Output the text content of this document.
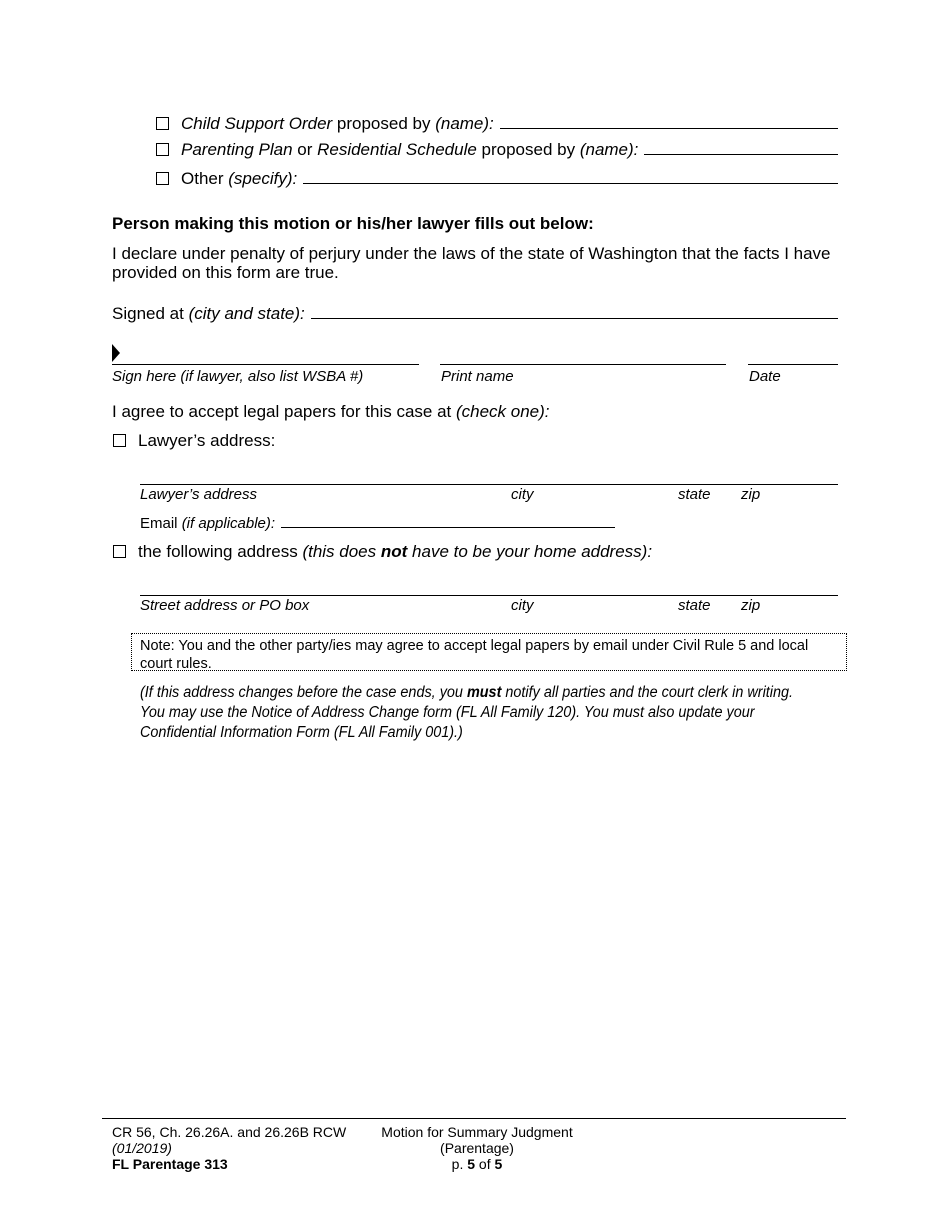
Child Support Order proposed by (name):
Parenting Plan or Residential Schedule proposed by (name):
Other (specify):
Person making this motion or his/her lawyer fills out below:
I declare under penalty of perjury under the laws of the state of Washington that the facts I have provided on this form are true.
Signed at (city and state):
Sign here (if lawyer, also list WSBA #)	Print name	Date
I agree to accept legal papers for this case at (check one):
Lawyer’s address:
Lawyer’s address	city	state zip
Email (if applicable):
the following address (this does not have to be your home address):
Street address or PO box	city	state zip
Note: You and the other party/ies may agree to accept legal papers by email under Civil Rule 5 and local court rules.
(If this address changes before the case ends, you must notify all parties and the court clerk in writing. You may use the Notice of Address Change form (FL All Family 120). You must also update your Confidential Information Form (FL All Family 001).)
CR 56, Ch. 26.26A. and 26.26B RCW
(01/2019)
FL Parentage 313
Motion for Summary Judgment
(Parentage)
p. 5 of 5
